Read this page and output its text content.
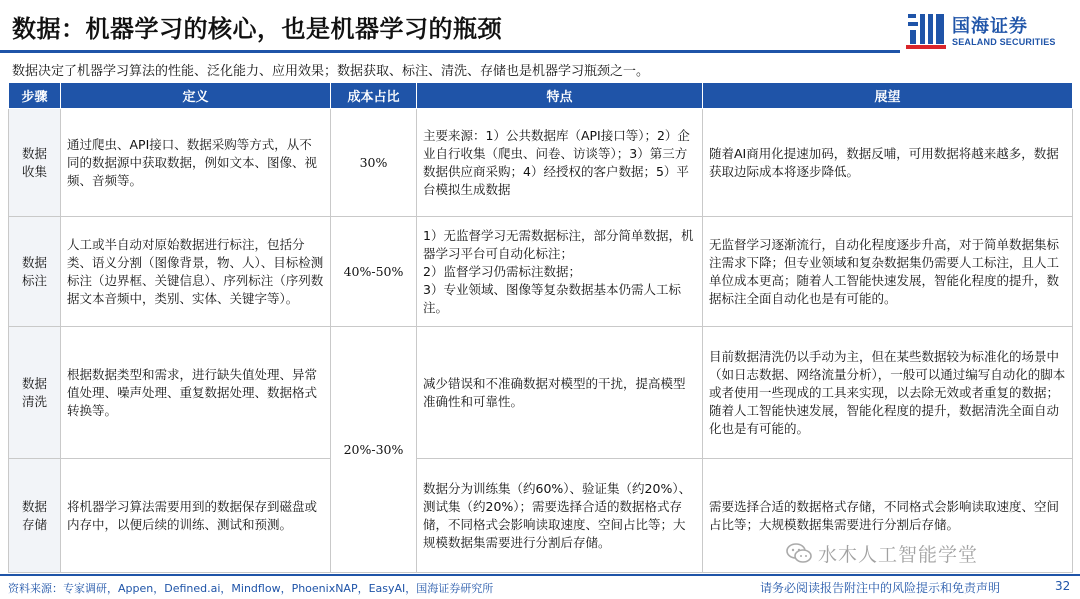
数据：机器学习的核心，也是机器学习的瓶颈	国海证券
SEALAND SECURITIES
数据决定了机器学习算法的性能、泛化能力、应用效果；数据获取、标注、清洗、存储也是机器学习瓶颈之一。
步骤	定义	成本占比	特点	展望
数据
收集	通过爬虫、API接口、数据采购等方式，从不同的数据源中获取数据，例如文本、图像、视频、音频等。	30%	主要来源：1）公共数据库（API接口等）；2）企业自行收集（爬虫、问卷、访谈等）；3）第三方数据供应商采购；4）经授权的客户数据；5）平台模拟生成数据	随着AI商用化提速加码，数据反哺，可用数据将越来越多，数据获取边际成本将逐步降低。
数据
标注	人工或半自动对原始数据进行标注，包括分类、语义分割（图像背景，物、人）、目标检测标注（边界框、关键信息）、序列标注（序列数据文本音频中，类别、实体、关键字等）。	40%-50%	1）无监督学习无需数据标注，部分简单数据，机器学习平台可自动化标注；
2）监督学习仍需标注数据；
3）专业领域、图像等复杂数据基本仍需人工标注。	无监督学习逐渐流行，自动化程度逐步升高，对于简单数据集标注需求下降；但专业领域和复杂数据集仍需要人工标注，且人工单位成本更高；随着人工智能快速发展，智能化程度的提升，数据标注全面自动化也是有可能的。
数据
清洗	根据数据类型和需求，进行缺失值处理、异常值处理、噪声处理、重复数据处理、数据格式转换等。	20%-30%	减少错误和不准确数据对模型的干扰，提高模型准确性和可靠性。	目前数据清洗仍以手动为主，但在某些数据较为标准化的场景中（如日志数据、网络流量分析），一般可以通过编写自动化的脚本或者使用一些现成的工具来实现，以去除无效或者重复的数据；随着人工智能快速发展，智能化程度的提升，数据清洗全面自动化也是有可能的。
数据
存储	将机器学习算法需要用到的数据保存到磁盘或内存中，以便后续的训练、测试和预测。		数据分为训练集（约60%）、验证集（约20%）、测试集（约20%）；需要选择合适的数据格式存储，不同格式会影响读取速度、空间占比等；大规模数据集需要进行分割后存储。	需要选择合适的数据格式存储，不同格式会影响读取速度、空间占比等；大规模数据集需要进行分割后存储。
水木人工智能学堂
资料来源：专家调研，Appen，Defined.ai，Mindflow，PhoenixNAP，EasyAI，国海证券研究所	请务必阅读报告附注中的风险提示和免责声明	32
